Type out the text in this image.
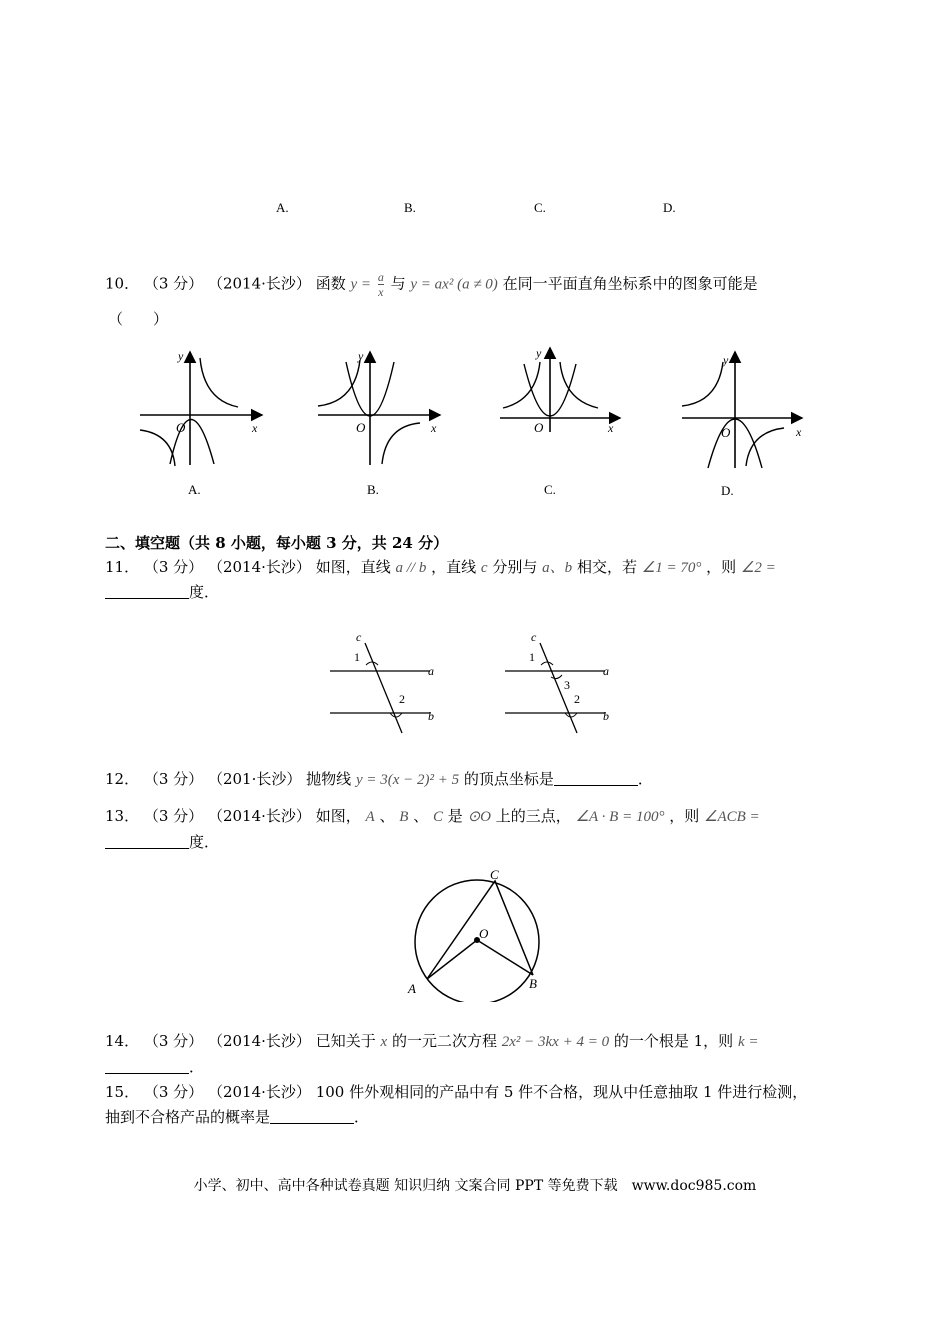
A.	B.	C.	D.
10． （3 分） （2014·长沙） 函数 $y = \frac{a}{x}$ 与 y = ax² (a ≠ 0) 在同一平面直角坐标系中的图象可能是
（　　）
y
x
O
y
x
O
y
x
O
y
x
O
A.	B.	C.	D.
二、填空题（共 8 小题，每小题 3 分，共 24 分）
11． （3 分） （2014·长沙） 如图，直线 a // b ，直线 c 分别与 a、b 相交，若 ∠1 = 70° ，则 ∠2 =
度．
c
1
a
2
b
c
1
a
3
2
b
12． （3 分） （201·长沙） 抛物线 y = 3(x − 2)² + 5 的顶点坐标是	．
13． （3 分） （2014·长沙） 如图， A 、 B 、 C 是 ⊙O 上的三点， ∠A · B = 100° ，则 ∠ACB =
度．
C
O
A	B
14． （3 分） （2014·长沙） 已知关于 x 的一元二次方程 2x² − 3kx + 4 = 0 的一个根是 1，则 k =
．
15． （3 分） （2014·长沙） 100 件外观相同的产品中有 5 件不合格，现从中任意抽取 1 件进行检测，
抽到不合格产品的概率是	．
小学、初中、高中各种试卷真题 知识归纳 文案合同 PPT 等免费下载　www.doc985.com
